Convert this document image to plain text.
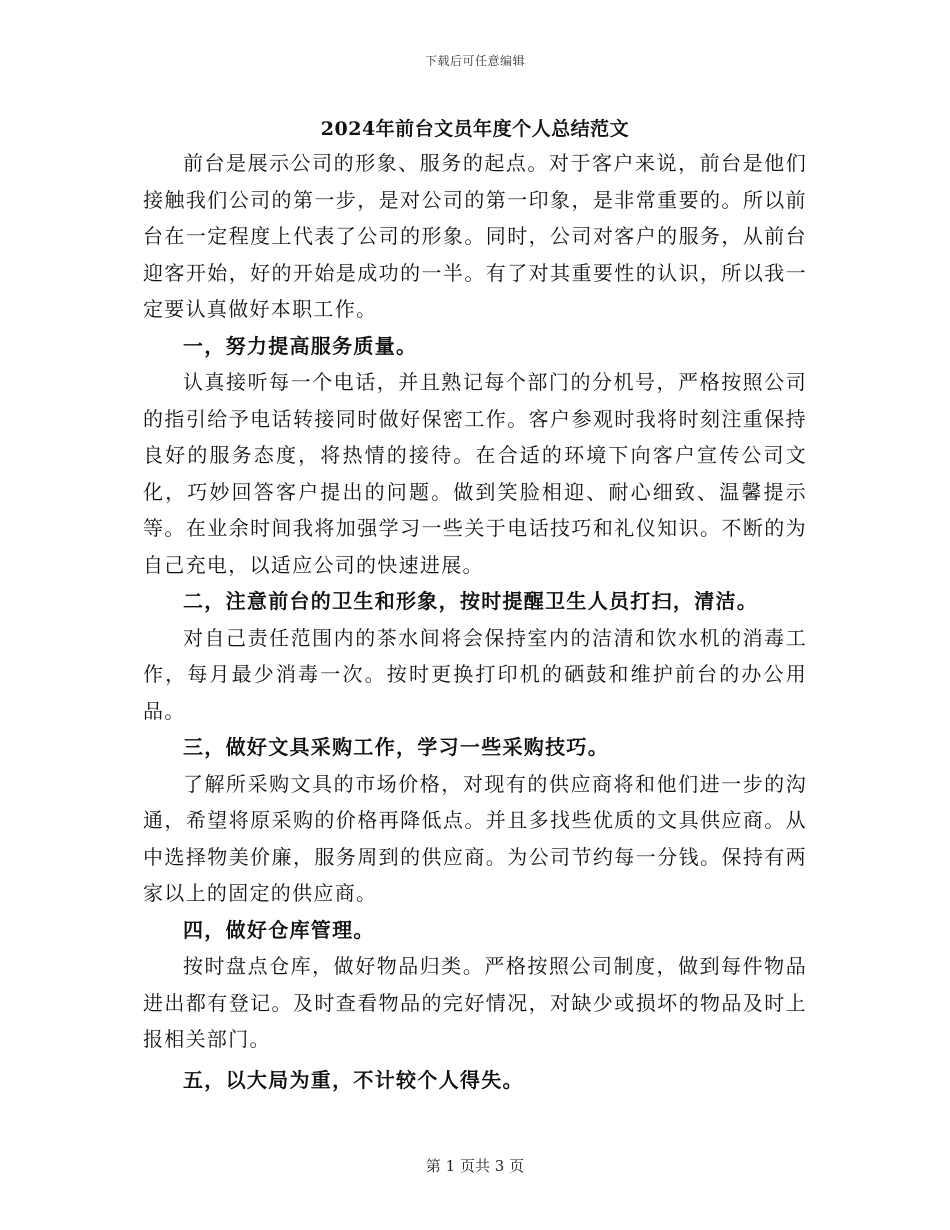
下载后可任意编辑
2024年前台文员年度个人总结范文

前台是展示公司的形象、服务的起点。对于客户来说，前台是他们接触我们公司的第一步，是对公司的第一印象，是非常重要的。所以前台在一定程度上代表了公司的形象。同时，公司对客户的服务，从前台迎客开始，好的开始是成功的一半。有了对其重要性的认识，所以我一定要认真做好本职工作。

一，努力提高服务质量。

认真接听每一个电话，并且熟记每个部门的分机号，严格按照公司的指引给予电话转接同时做好保密工作。客户参观时我将时刻注重保持良好的服务态度，将热情的接待。在合适的环境下向客户宣传公司文化，巧妙回答客户提出的问题。做到笑脸相迎、耐心细致、温馨提示等。在业余时间我将加强学习一些关于电话技巧和礼仪知识。不断的为自己充电，以适应公司的快速进展。

二，注意前台的卫生和形象，按时提醒卫生人员打扫，清洁。

对自己责任范围内的茶水间将会保持室内的洁清和饮水机的消毒工作，每月最少消毒一次。按时更换打印机的硒鼓和维护前台的办公用品。

三，做好文具采购工作，学习一些采购技巧。

了解所采购文具的市场价格，对现有的供应商将和他们进一步的沟通，希望将原采购的价格再降低点。并且多找些优质的文具供应商。从中选择物美价廉，服务周到的供应商。为公司节约每一分钱。保持有两家以上的固定的供应商。

四，做好仓库管理。

按时盘点仓库，做好物品归类。严格按照公司制度，做到每件物品进出都有登记。及时查看物品的完好情况，对缺少或损坏的物品及时上报相关部门。

五，以大局为重，不计较个人得失。

第 1 页共 3 页
